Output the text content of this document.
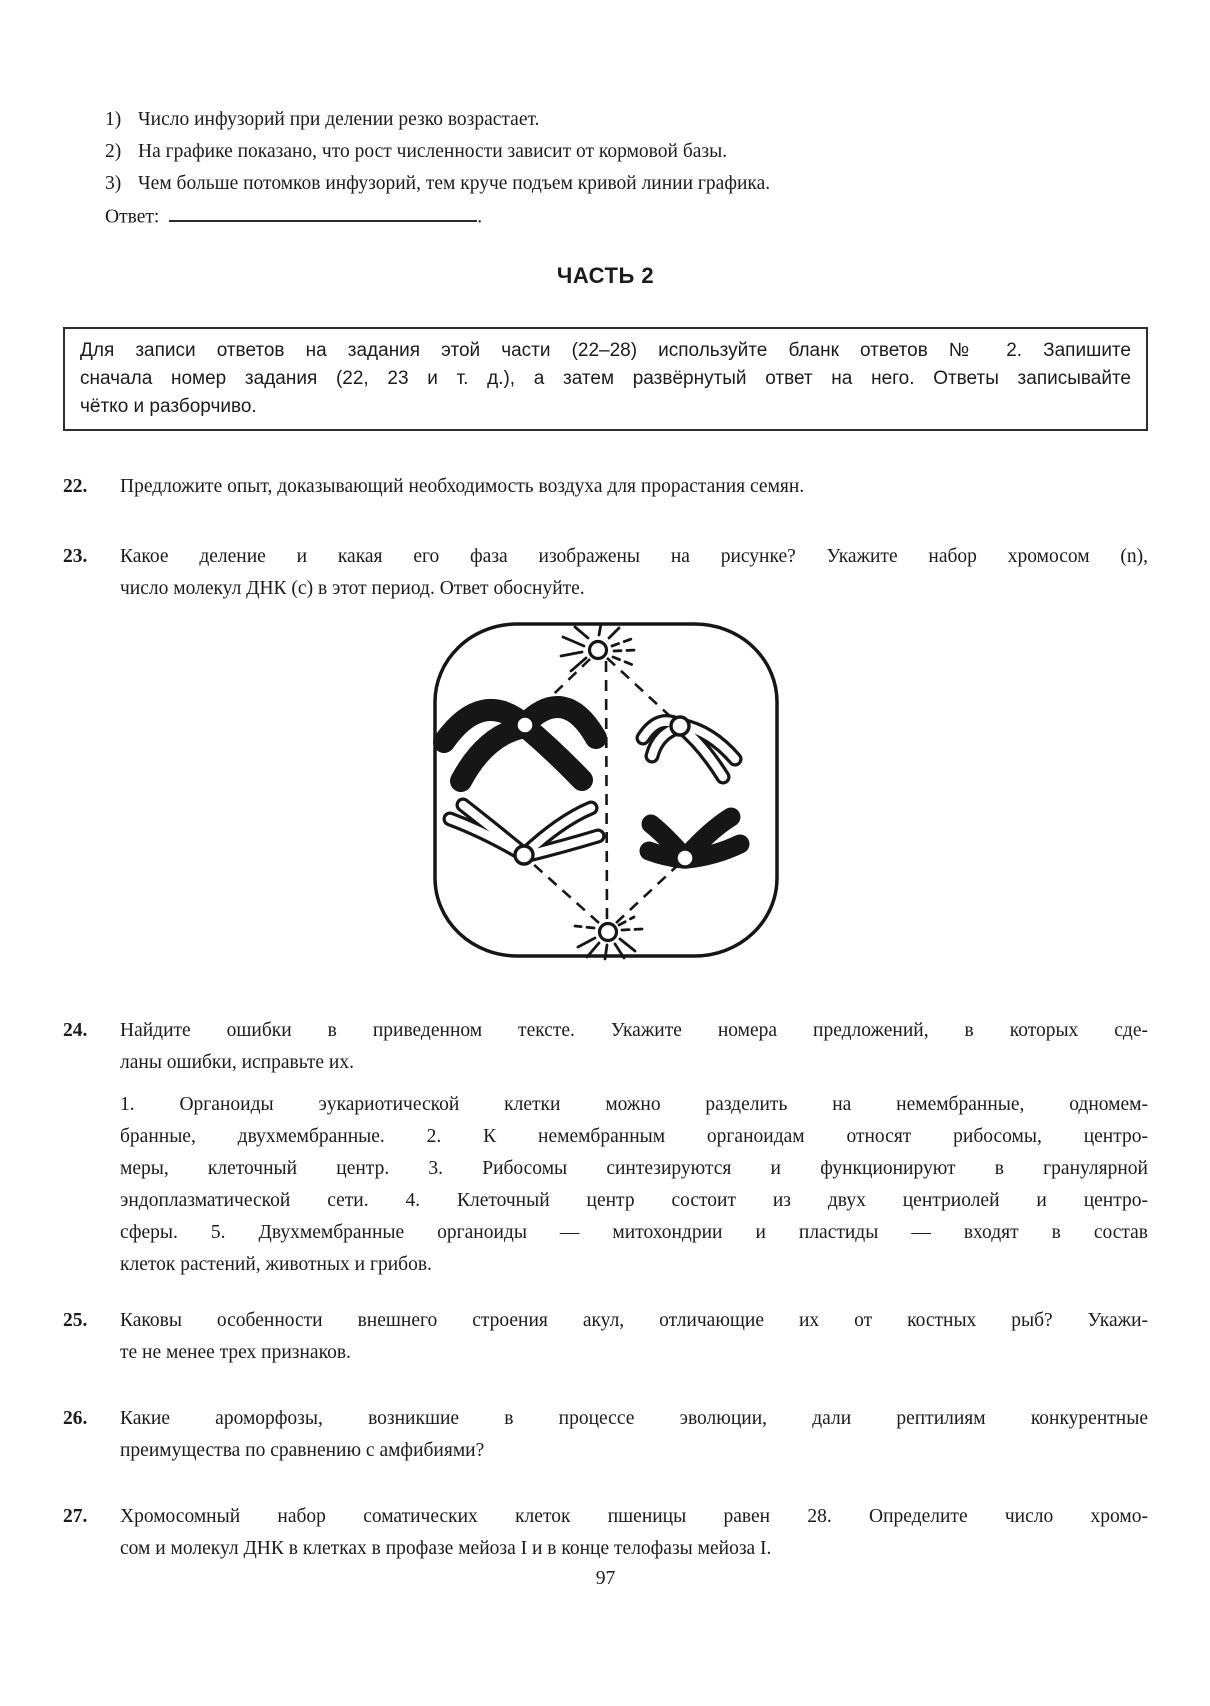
1) Число инфузорий при делении резко возрастает.
2) На графике показано, что рост численности зависит от кормовой базы.
3) Чем больше потомков инфузорий, тем круче подъем кривой линии графика.
Ответ:	.
ЧАСТЬ 2
Для записи ответов на задания этой части (22–28) используйте бланк ответов № 2. Запишите
сначала номер задания (22, 23 и т. д.), а затем развёрнутый ответ на него. Ответы записывайте
чётко и разборчиво.
22.	Предложите опыт, доказывающий необходимость воздуха для прорастания семян.
23.	Какое деление и какая его фаза изображены на рисунке? Укажите набор хромосом (n),
число молекул ДНК (с) в этот период. Ответ обоснуйте.
24.	Найдите ошибки в приведенном тексте. Укажите номера предложений, в которых сде-
ланы ошибки, исправьте их.
1. Органоиды эукариотической клетки можно разделить на немембранные, одномем-
бранные, двухмембранные. 2. К немембранным органоидам относят рибосомы, центро-
меры, клеточный центр. 3. Рибосомы синтезируются и функционируют в гранулярной
эндоплазматической сети. 4. Клеточный центр состоит из двух центриолей и центро-
сферы. 5. Двухмембранные органоиды — митохондрии и пластиды — входят в состав
клеток растений, животных и грибов.
25.	Каковы особенности внешнего строения акул, отличающие их от костных рыб? Укажи-
те не менее трех признаков.
26.	Какие ароморфозы, возникшие в процессе эволюции, дали рептилиям конкурентные
преимущества по сравнению с амфибиями?
27.	Хромосомный набор соматических клеток пшеницы равен 28. Определите число хромо-
сом и молекул ДНК в клетках в профазе мейоза I и в конце телофазы мейоза I.
97
